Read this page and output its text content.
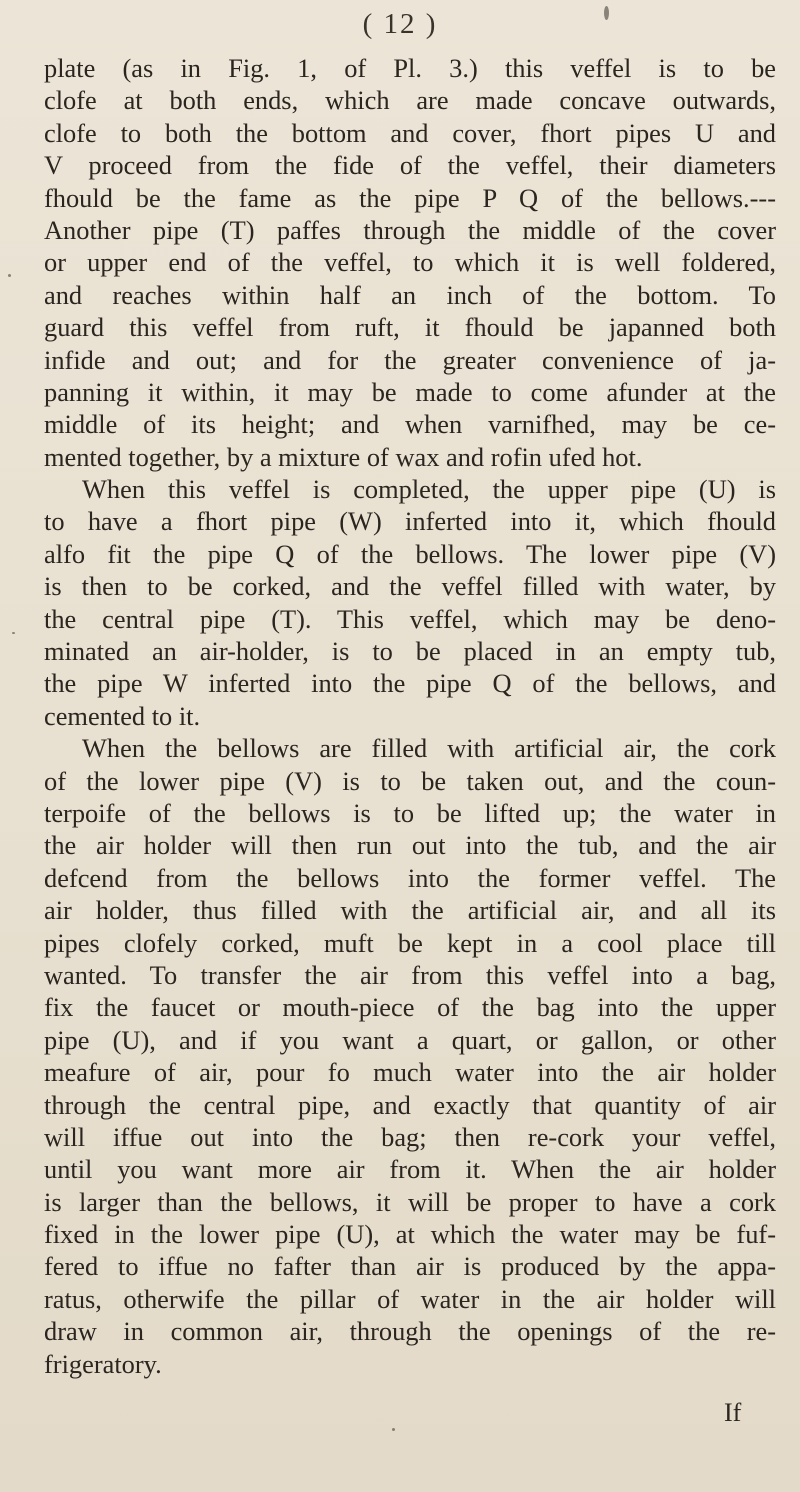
( 12 )
plate (as in Fig. 1, of Pl. 3.) this veffel is to be
clofe at both ends, which are made concave outwards,
clofe to both the bottom and cover, fhort pipes U and
V proceed from the fide of the veffel, their diameters
fhould be the fame as the pipe P Q of the bellows.---
Another pipe (T) paffes through the middle of the cover
or upper end of the veffel, to which it is well foldered,
and reaches within half an inch of the bottom. To
guard this veffel from ruft, it fhould be japanned both
infide and out; and for the greater convenience of ja-
panning it within, it may be made to come afunder at the
middle of its height; and when varnifhed, may be ce-
mented together, by a mixture of wax and rofin ufed hot.
When this veffel is completed, the upper pipe (U) is
to have a fhort pipe (W) inferted into it, which fhould
alfo fit the pipe Q of the bellows. The lower pipe (V)
is then to be corked, and the veffel filled with water, by
the central pipe (T). This veffel, which may be deno-
minated an air-holder, is to be placed in an empty tub,
the pipe W inferted into the pipe Q of the bellows, and
cemented to it.
When the bellows are filled with artificial air, the cork
of the lower pipe (V) is to be taken out, and the coun-
terpoife of the bellows is to be lifted up; the water in
the air holder will then run out into the tub, and the air
defcend from the bellows into the former veffel. The
air holder, thus filled with the artificial air, and all its
pipes clofely corked, muft be kept in a cool place till
wanted. To transfer the air from this veffel into a bag,
fix the faucet or mouth-piece of the bag into the upper
pipe (U), and if you want a quart, or gallon, or other
meafure of air, pour fo much water into the air holder
through the central pipe, and exactly that quantity of air
will iffue out into the bag; then re-cork your veffel,
until you want more air from it. When the air holder
is larger than the bellows, it will be proper to have a cork
fixed in the lower pipe (U), at which the water may be fuf-
fered to iffue no fafter than air is produced by the appa-
ratus, otherwife the pillar of water in the air holder will
draw in common air, through the openings of the re-
frigeratory.
If
